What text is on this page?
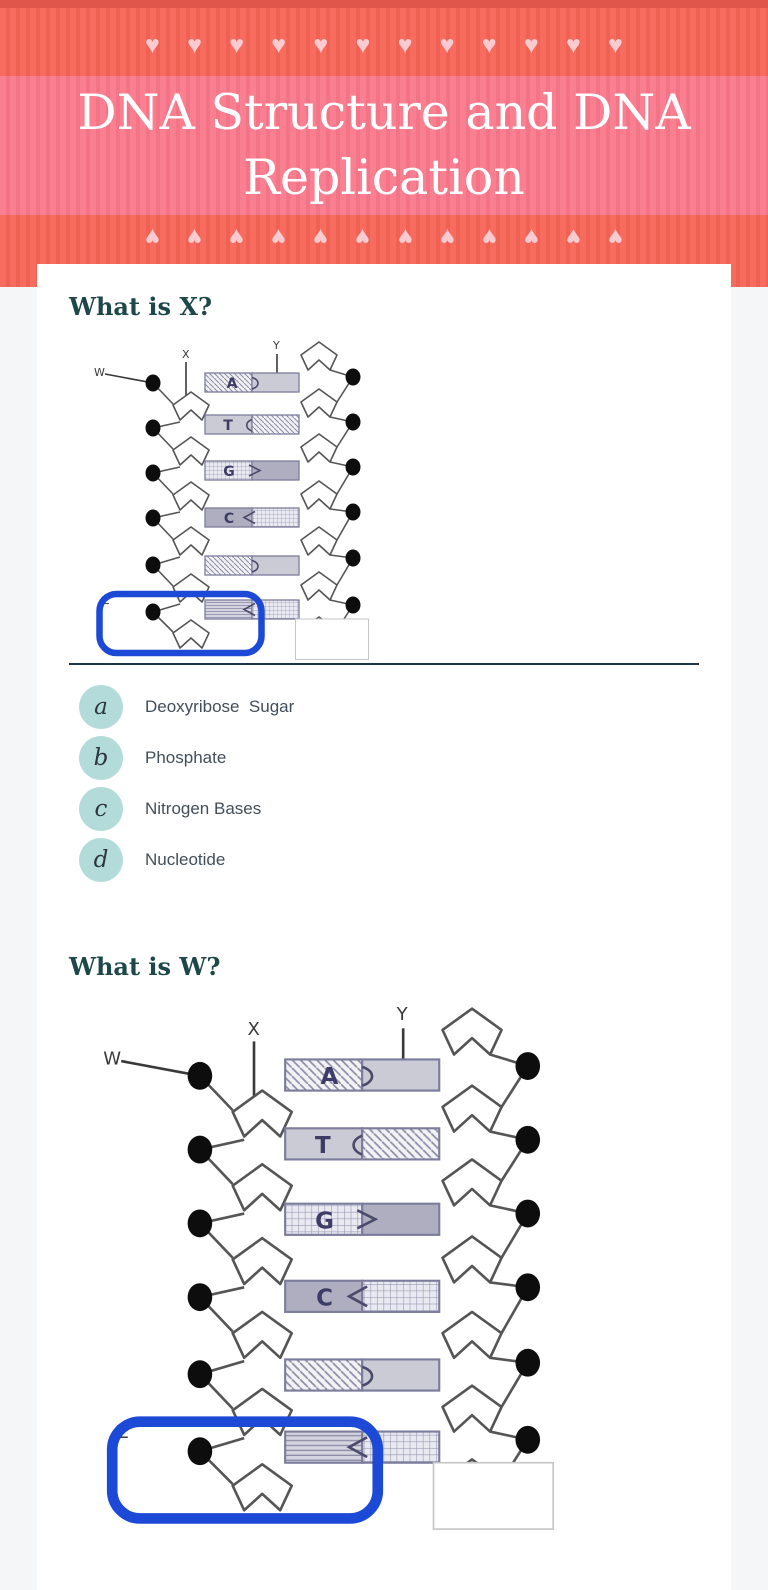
♥ ♥ ♥ ♥ ♥ ♥ ♥ ♥ ♥ ♥ ♥ ♥
DNA Structure and DNA
Replication
♥ ♥ ♥ ♥ ♥ ♥ ♥ ♥ ♥ ♥ ♥ ♥
What is X?
a	Deoxyribose  Sugar
b	Phosphate
c	Nitrogen Bases
d	Nucleotide
What is W?
